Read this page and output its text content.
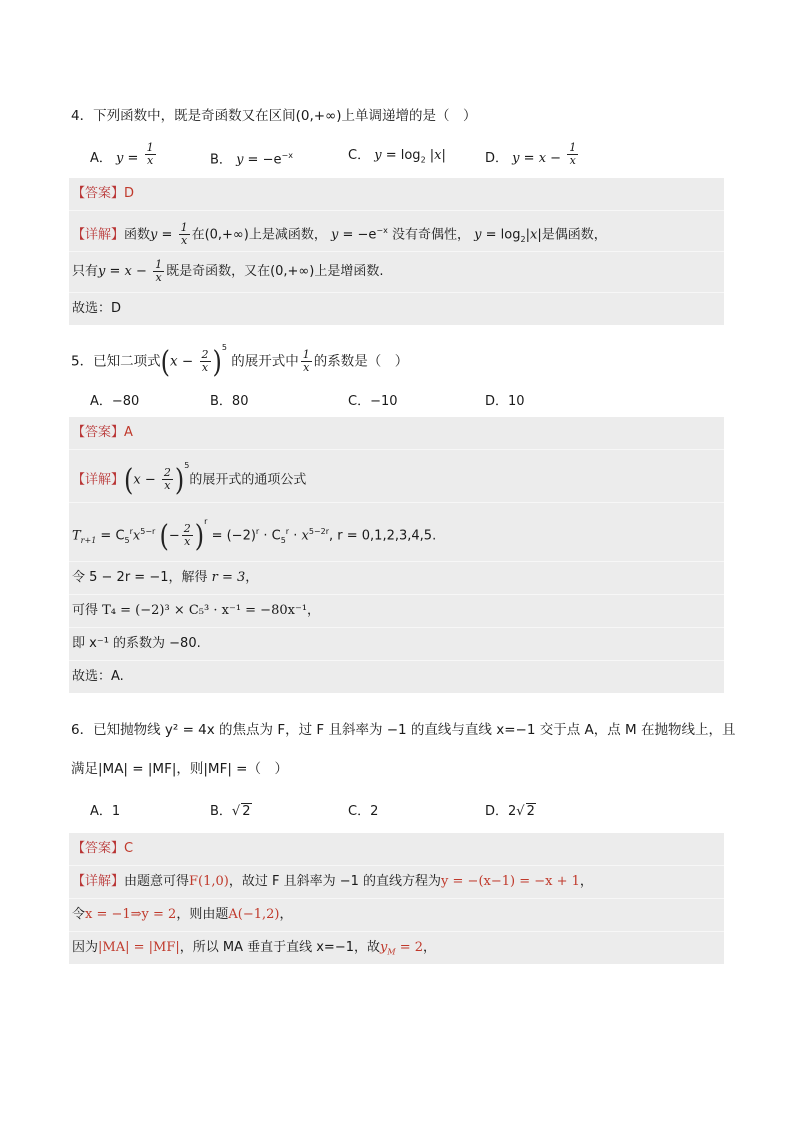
4．下列函数中，既是奇函数又在区间(0,+∞)上单调递增的是（　）
A． $y = \frac{1}{x}$	B． $y = -e^{-x}$	C． $y = \log_2 |x|$	D． $y = x - \frac{1}{x}$
【答案】D
【详解】函数$y = \frac{1}{x}$ 在(0,+∞)上是减函数， $y = -e^{-x}$ 没有奇偶性， $y = \log_2|x|$是偶函数，
只有$y = x - \frac{1}{x}$ 既是奇函数，又在(0,+∞)上是增函数.
故选：D
5．已知二项式$(x - \frac{2}{x} )^5$ 的展开式中 $\frac{1}{x}$ 的系数是（　）
A．−80	B．80	C．−10	D．10
【答案】A
【详解】$(x - \frac{2}{x} )^5$的展开式的通项公式
$T_{r+1} = C_5^rx^{5-r}$ (− $\frac{2}{x} )^r = (-2)^r \cdot C_5^r \cdot x^{5-2r}$, r = 0,1,2,3,4,5.
令 5 − 2r = −1，解得 r = 3，
可得 T₄ = (−2)³ × C₅³ · x⁻¹ = −80x⁻¹，
即 x⁻¹ 的系数为 −80.
故选：A.
6．已知抛物线 y² = 4x 的焦点为 F，过 F 且斜率为 −1 的直线与直线 x=−1 交于点 A，点 M 在抛物线上，且
满足|MA| = |MF|，则|MF| =（　）
A．1	B．√ 2	C．2	D．2√ 2
【答案】C
【详解】由题意可得F(1,0)，故过 F 且斜率为 −1 的直线方程为y = −(x−1) = −x + 1，
令x = −1⇒y = 2，则由题A(−1,2)，
因为|MA| = |MF|，所以 MA 垂直于直线 x=−1，故$y_M = 2$，
